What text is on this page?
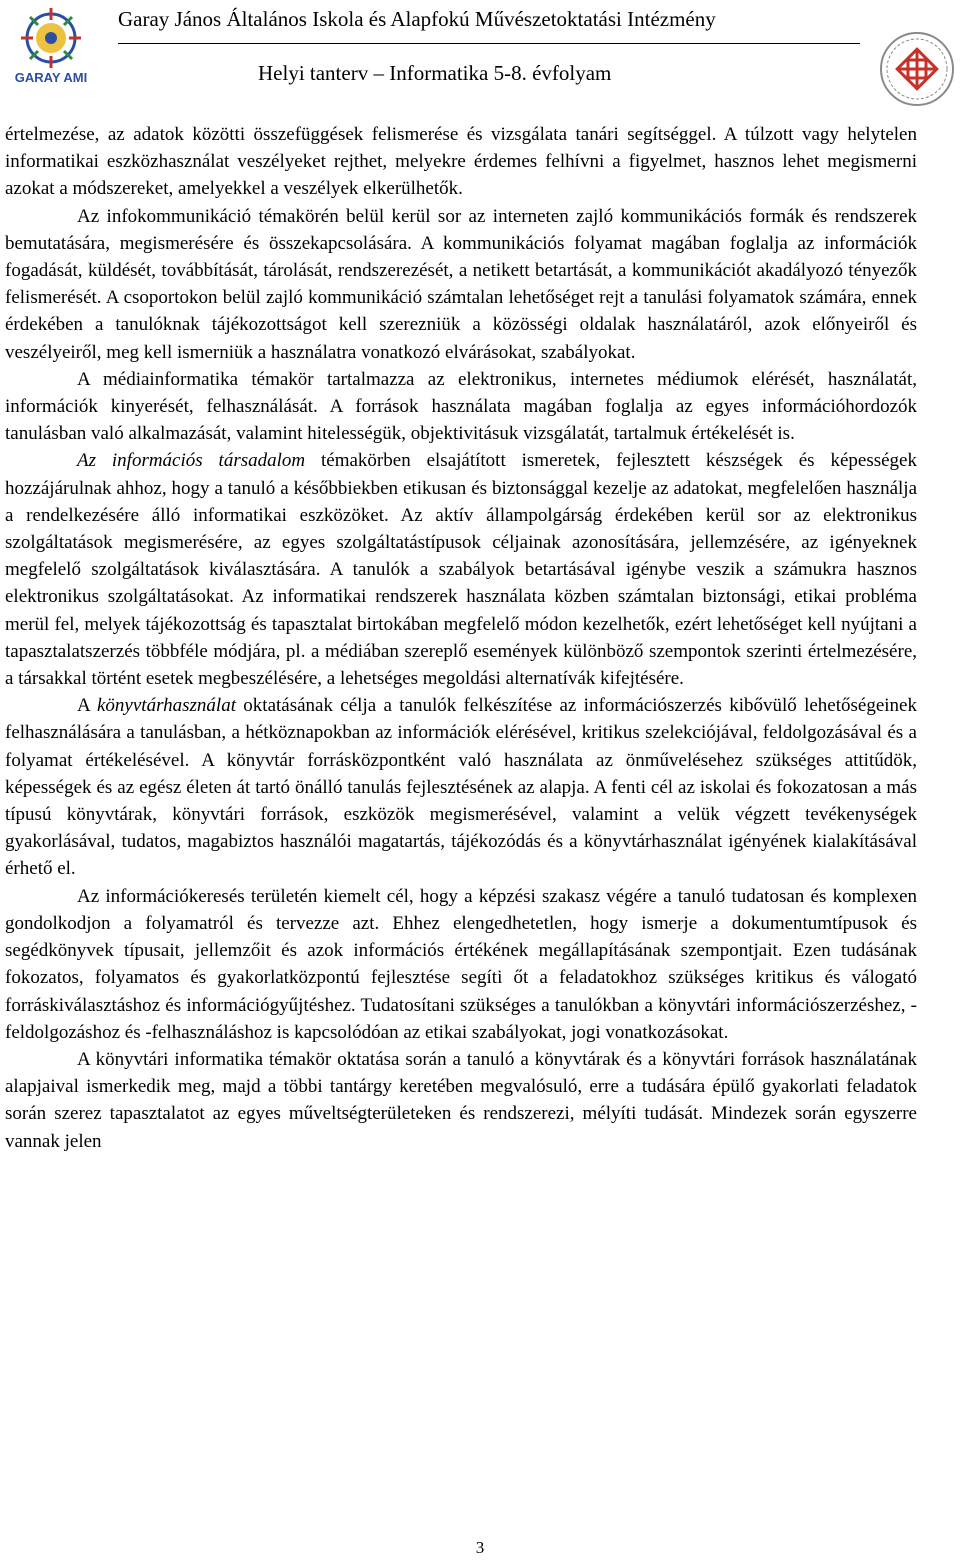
GARAY AMI
Garay János Általános Iskola és Alapfokú Művészetoktatási Intézmény
Helyi tanterv – Informatika 5-8. évfolyam

értelmezése, az adatok közötti összefüggések felismerése és vizsgálata tanári segítséggel. A túlzott vagy helytelen informatikai eszközhasználat veszélyeket rejthet, melyekre érdemes felhívni a figyelmet, hasznos lehet megismerni azokat a módszereket, amelyekkel a veszélyek elkerülhetők.

Az infokommunikáció témakörén belül kerül sor az interneten zajló kommunikációs formák és rendszerek bemutatására, megismerésére és összekapcsolására. A kommunikációs folyamat magában foglalja az információk fogadását, küldését, továbbítását, tárolását, rendszerezését, a netikett betartását, a kommunikációt akadályozó tényezők felismerését. A csoportokon belül zajló kommunikáció számtalan lehetőséget rejt a tanulási folyamatok számára, ennek érdekében a tanulóknak tájékozottságot kell szerezniük a közösségi oldalak használatáról, azok előnyeiről és veszélyeiről, meg kell ismerniük a használatra vonatkozó elvárásokat, szabályokat.

A médiainformatika témakör tartalmazza az elektronikus, internetes médiumok elérését, használatát, információk kinyerését, felhasználását. A források használata magában foglalja az egyes információhordozók tanulásban való alkalmazását, valamint hitelességük, objektivitásuk vizsgálatát, tartalmuk értékelését is.

Az információs társadalom témakörben elsajátított ismeretek, fejlesztett készségek és képességek hozzájárulnak ahhoz, hogy a tanuló a későbbiekben etikusan és biztonsággal kezelje az adatokat, megfelelően használja a rendelkezésére álló informatikai eszközöket. Az aktív állampolgárság érdekében kerül sor az elektronikus szolgáltatások megismerésére, az egyes szolgáltatástípusok céljainak azonosítására, jellemzésére, az igényeknek megfelelő szolgáltatások kiválasztására. A tanulók a szabályok betartásával igénybe veszik a számukra hasznos elektronikus szolgáltatásokat. Az informatikai rendszerek használata közben számtalan biztonsági, etikai probléma merül fel, melyek tájékozottság és tapasztalat birtokában megfelelő módon kezelhetők, ezért lehetőséget kell nyújtani a tapasztalatszerzés többféle módjára, pl. a médiában szereplő események különböző szempontok szerinti értelmezésére, a társakkal történt esetek megbeszélésére, a lehetséges megoldási alternatívák kifejtésére.

A könyvtárhasználat oktatásának célja a tanulók felkészítése az információszerzés kibővülő lehetőségeinek felhasználására a tanulásban, a hétköznapokban az információk elérésével, kritikus szelekciójával, feldolgozásával és a folyamat értékelésével. A könyvtár forrásközpontként való használata az önművelésehez szükséges attitűdök, képességek és az egész életen át tartó önálló tanulás fejlesztésének az alapja. A fenti cél az iskolai és fokozatosan a más típusú könyvtárak, könyvtári források, eszközök megismerésével, valamint a velük végzett tevékenységek gyakorlásával, tudatos, magabiztos használói magatartás, tájékozódás és a könyvtárhasználat igényének kialakításával érhető el.

Az információkeresés területén kiemelt cél, hogy a képzési szakasz végére a tanuló tudatosan és komplexen gondolkodjon a folyamatról és tervezze azt. Ehhez elengedhetetlen, hogy ismerje a dokumentumtípusok és segédkönyvek típusait, jellemzőit és azok információs értékének megállapításának szempontjait. Ezen tudásának fokozatos, folyamatos és gyakorlatközpontú fejlesztése segíti őt a feladatokhoz szükséges kritikus és válogató forráskiválasztáshoz és információgyűjtéshez. Tudatosítani szükséges a tanulókban a könyvtári információszerzéshez, -feldolgozáshoz és -felhasználáshoz is kapcsolódóan az etikai szabályokat, jogi vonatkozásokat.

A könyvtári informatika témakör oktatása során a tanuló a könyvtárak és a könyvtári források használatának alapjaival ismerkedik meg, majd a többi tantárgy keretében megvalósuló, erre a tudására épülő gyakorlati feladatok során szerez tapasztalatot az egyes műveltségterületeken és rendszerezi, mélyíti tudását. Mindezek során egyszerre vannak jelen

3
